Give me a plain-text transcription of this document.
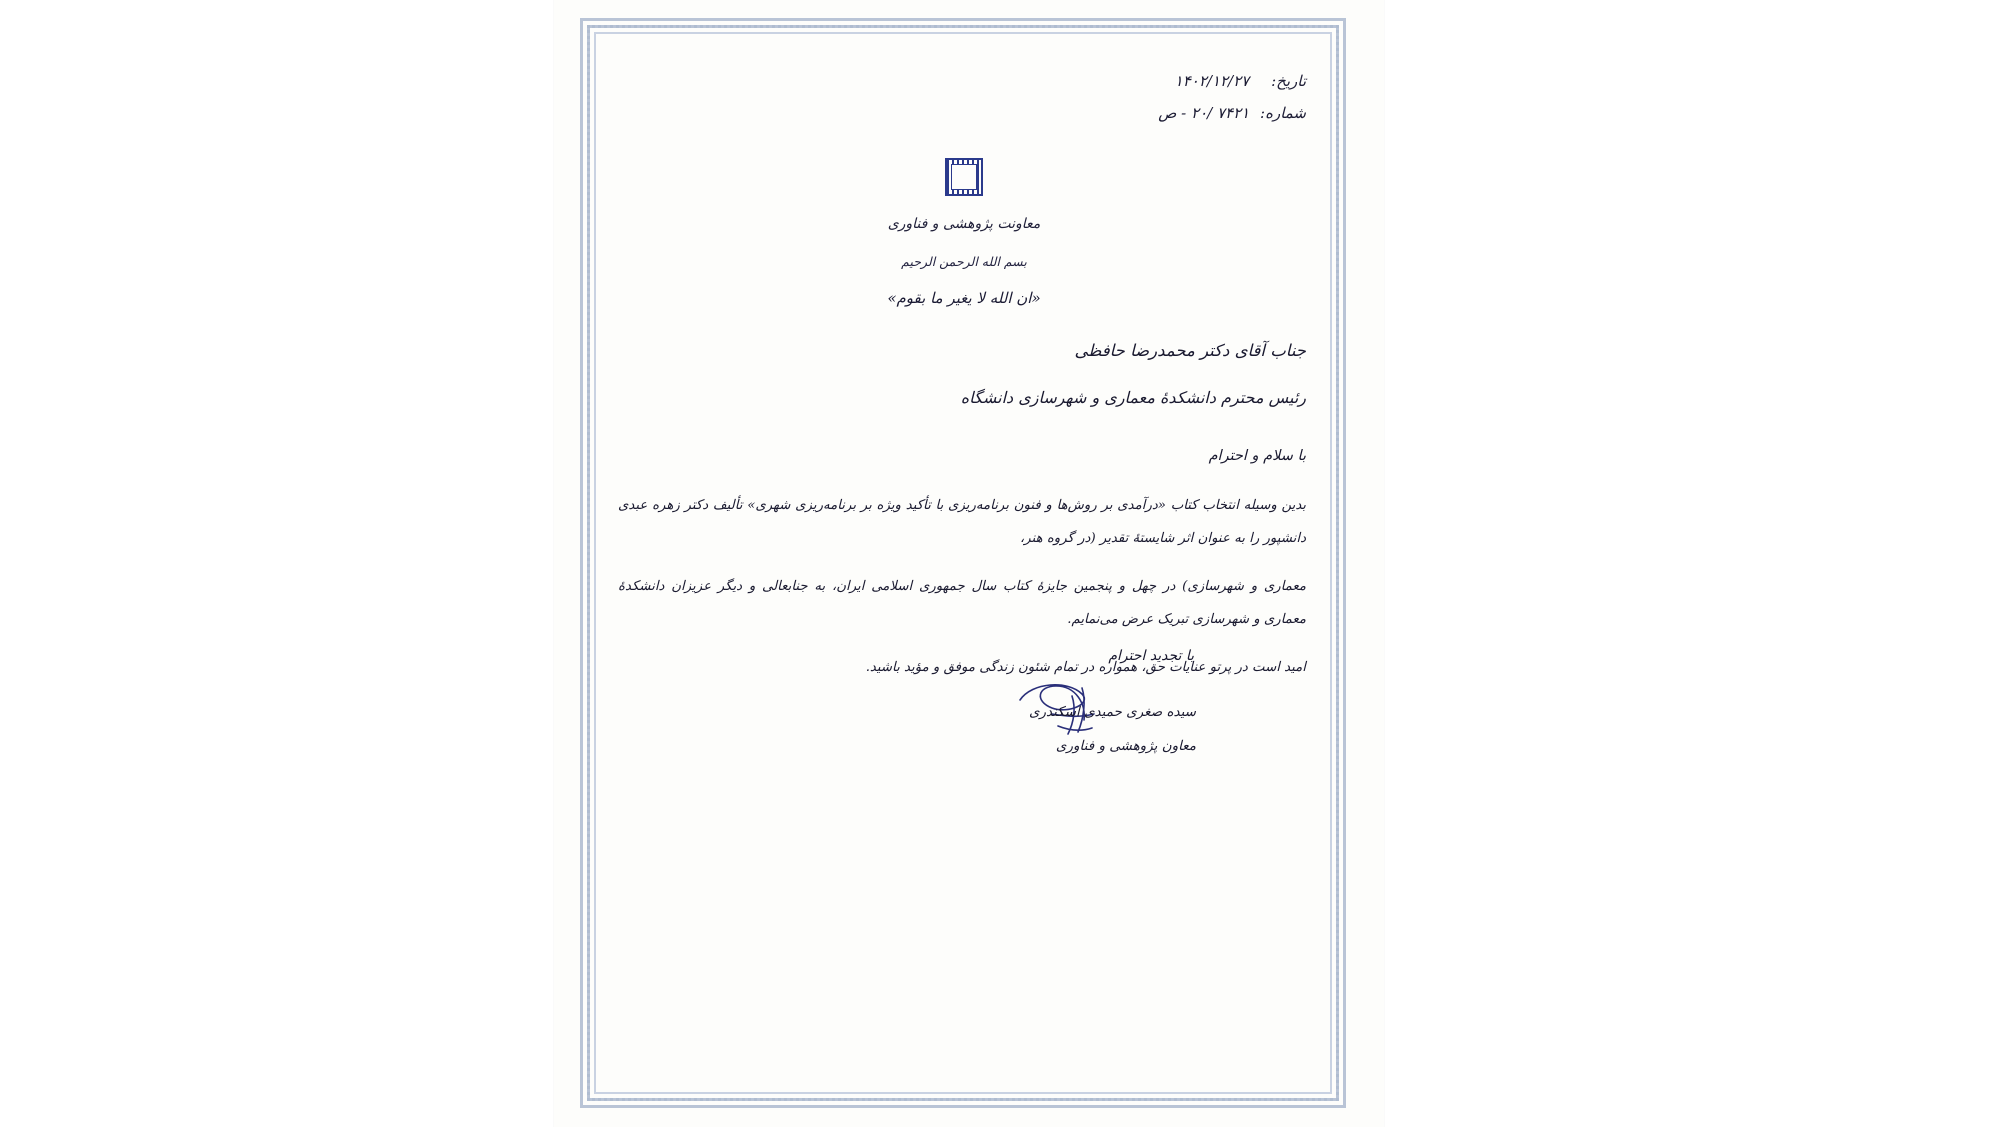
تاریخ: ۱۴۰۲/۱۲/۲۷
شماره: ۷۴۲۱ /۲۰ - ص
معاونت پژوهشی و فناوری
بسم الله الرحمن الرحیم
«ان الله لا یغیر ما بقوم»
جناب آقای دکتر محمدرضا حافظی
رئیس محترم دانشکدهٔ معماری و شهرسازی دانشگاه
با سلام و احترام

بدین وسیله انتخاب کتاب «درآمدی بر روش‌ها و فنون برنامه‌ریزی با تأکید ویژه بر برنامه‌ریزی شهری» تألیف دکتر زهره عبدی دانشپور را به عنوان اثر شایستهٔ تقدیر (در گروه هنر،

معماری و شهرسازی) در چهل و پنجمین جایزهٔ کتاب سال جمهوری اسلامی ایران، به جنابعالی و دیگر عزیزان دانشکدهٔ معماری و شهرسازی تبریک عرض می‌نمایم.

امید است در پرتو عنایات حق، همواره در تمام شئون زندگی موفق و مؤید باشید.

با تجدید احترام
سیده صغری حمیدی اسکندری
معاون پژوهشی و فناوری
